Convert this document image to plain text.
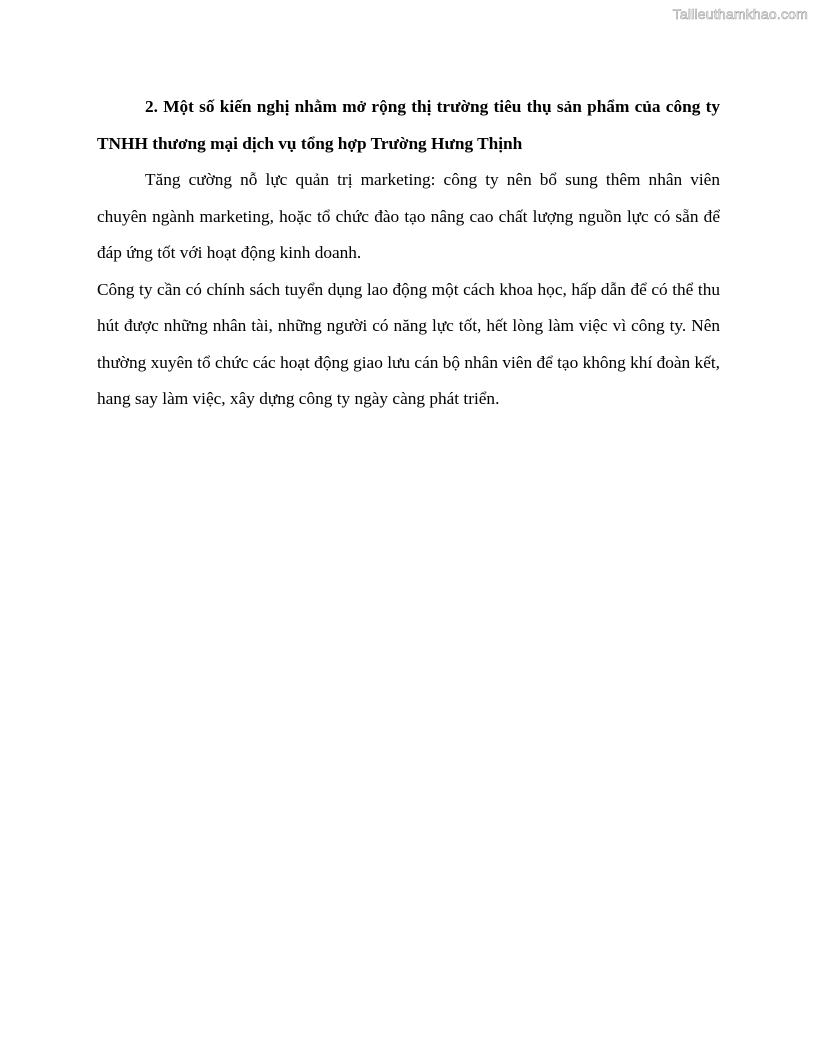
Tailieuthamkhao.com

2. Một số kiến nghị nhằm mở rộng thị trường tiêu thụ sản phẩm của công ty TNHH thương mại dịch vụ tổng hợp Trường Hưng Thịnh

Tăng cường nỗ lực quản trị marketing: công ty nên bổ sung thêm nhân viên chuyên ngành marketing, hoặc tổ chức đào tạo nâng cao chất lượng nguồn lực có sẵn để đáp ứng tốt với hoạt động kinh doanh.

Công ty cần có chính sách tuyển dụng lao động một cách khoa học, hấp dẫn để có thể thu hút được những nhân tài, những người có năng lực tốt, hết lòng làm việc vì công ty. Nên thường xuyên tổ chức các hoạt động giao lưu cán bộ nhân viên để tạo không khí đoàn kết, hang say làm việc, xây dựng công ty ngày càng phát triển.
